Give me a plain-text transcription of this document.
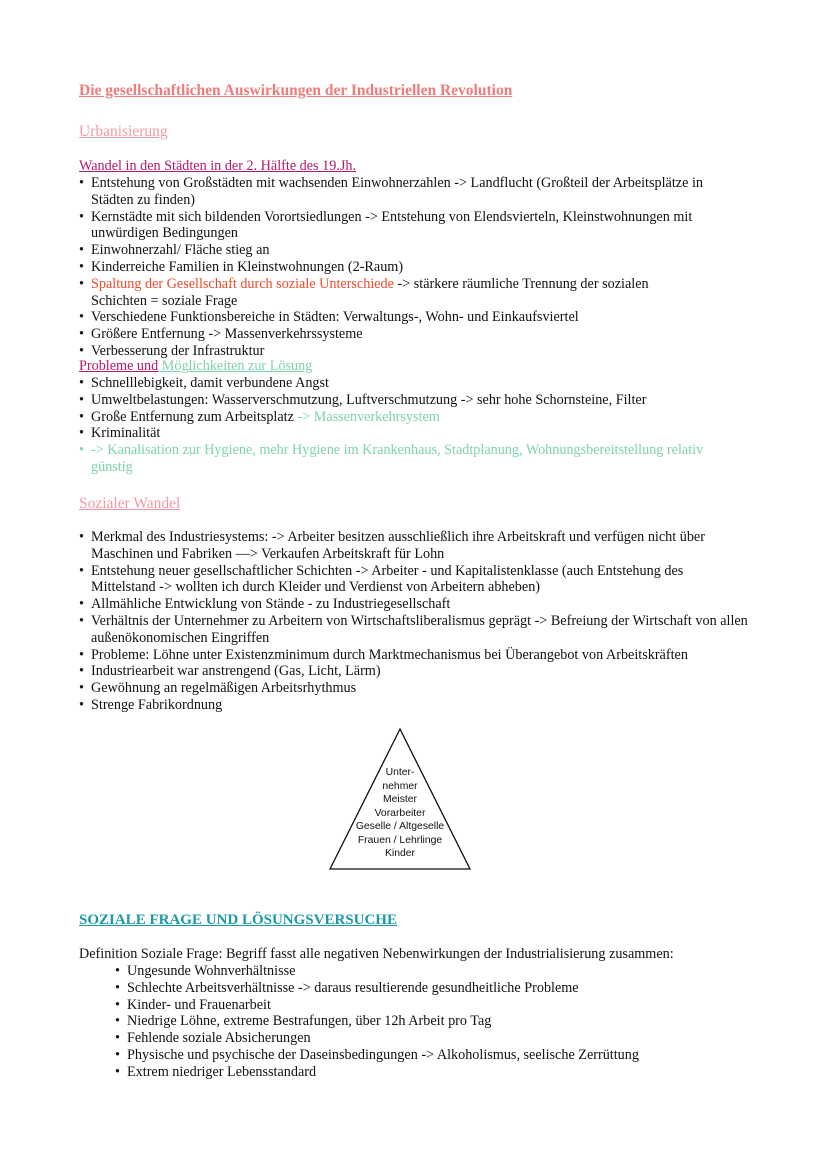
Die gesellschaftlichen Auswirkungen der Industriellen Revolution
Urbanisierung
Wandel in den Städten in der 2. Hälfte des 19.Jh.
• Entstehung von Großstädten mit wachsenden Einwohnerzahlen -> Landflucht (Großteil der Arbeitsplätze in Städten zu finden)
• Kernstädte mit sich bildenden Vorortsiedlungen -> Entstehung von Elendsvierteln, Kleinstwohnungen mit unwürdigen Bedingungen
• Einwohnerzahl/ Fläche stieg an
• Kinderreiche Familien in Kleinstwohnungen (2-Raum)
• Spaltung der Gesellschaft durch soziale Unterschiede -> stärkere räumliche Trennung der sozialen Schichten = soziale Frage
• Verschiedene Funktionsbereiche in Städten: Verwaltungs-, Wohn- und Einkaufsviertel
• Größere Entfernung -> Massenverkehrssysteme
• Verbesserung der Infrastruktur
Probleme und Möglichkeiten zur Lösung
• Schnelllebigkeit, damit verbundene Angst
• Umweltbelastungen: Wasserverschmutzung, Luftverschmutzung -> sehr hohe Schornsteine, Filter
• Große Entfernung zum Arbeitsplatz -> Massenverkehrsystem
• Kriminalität
• -> Kanalisation zur Hygiene, mehr Hygiene im Krankenhaus, Stadtplanung, Wohnungsbereitstellung relativ günstig
Sozialer Wandel
• Merkmal des Industriesystems: -> Arbeiter besitzen ausschließlich ihre Arbeitskraft und verfügen nicht über Maschinen und Fabriken —> Verkaufen Arbeitskraft für Lohn
• Entstehung neuer gesellschaftlicher Schichten -> Arbeiter - und Kapitalistenklasse (auch Entstehung des Mittelstand -> wollten ich durch Kleider und Verdienst von Arbeitern abheben)
• Allmähliche Entwicklung von Stände - zu Industriegesellschaft
• Verhältnis der Unternehmer zu Arbeitern von Wirtschaftsliberalismus geprägt -> Befreiung der Wirtschaft von allen außenökonomischen Eingriffen
• Probleme: Löhne unter Existenzminimum durch Marktmechanismus bei Überangebot von Arbeitskräften
• Industriearbeit war anstrengend (Gas, Licht, Lärm)
• Gewöhnung an regelmäßigen Arbeitsrhythmus
• Strenge Fabrikordnung
Unter-
nehmer
Meister
Vorarbeiter
Geselle / Altgeselle
Frauen / Lehrlinge
Kinder
SOZIALE FRAGE UND LÖSUNGSVERSUCHE
Definition Soziale Frage: Begriff fasst alle negativen Nebenwirkungen der Industrialisierung zusammen:
• Ungesunde Wohnverhältnisse
• Schlechte Arbeitsverhältnisse -> daraus resultierende gesundheitliche Probleme
• Kinder- und Frauenarbeit
• Niedrige Löhne, extreme Bestrafungen, über 12h Arbeit pro Tag
• Fehlende soziale Absicherungen
• Physische und psychische der Daseinsbedingungen -> Alkoholismus, seelische Zerrüttung
• Extrem niedriger Lebensstandard
